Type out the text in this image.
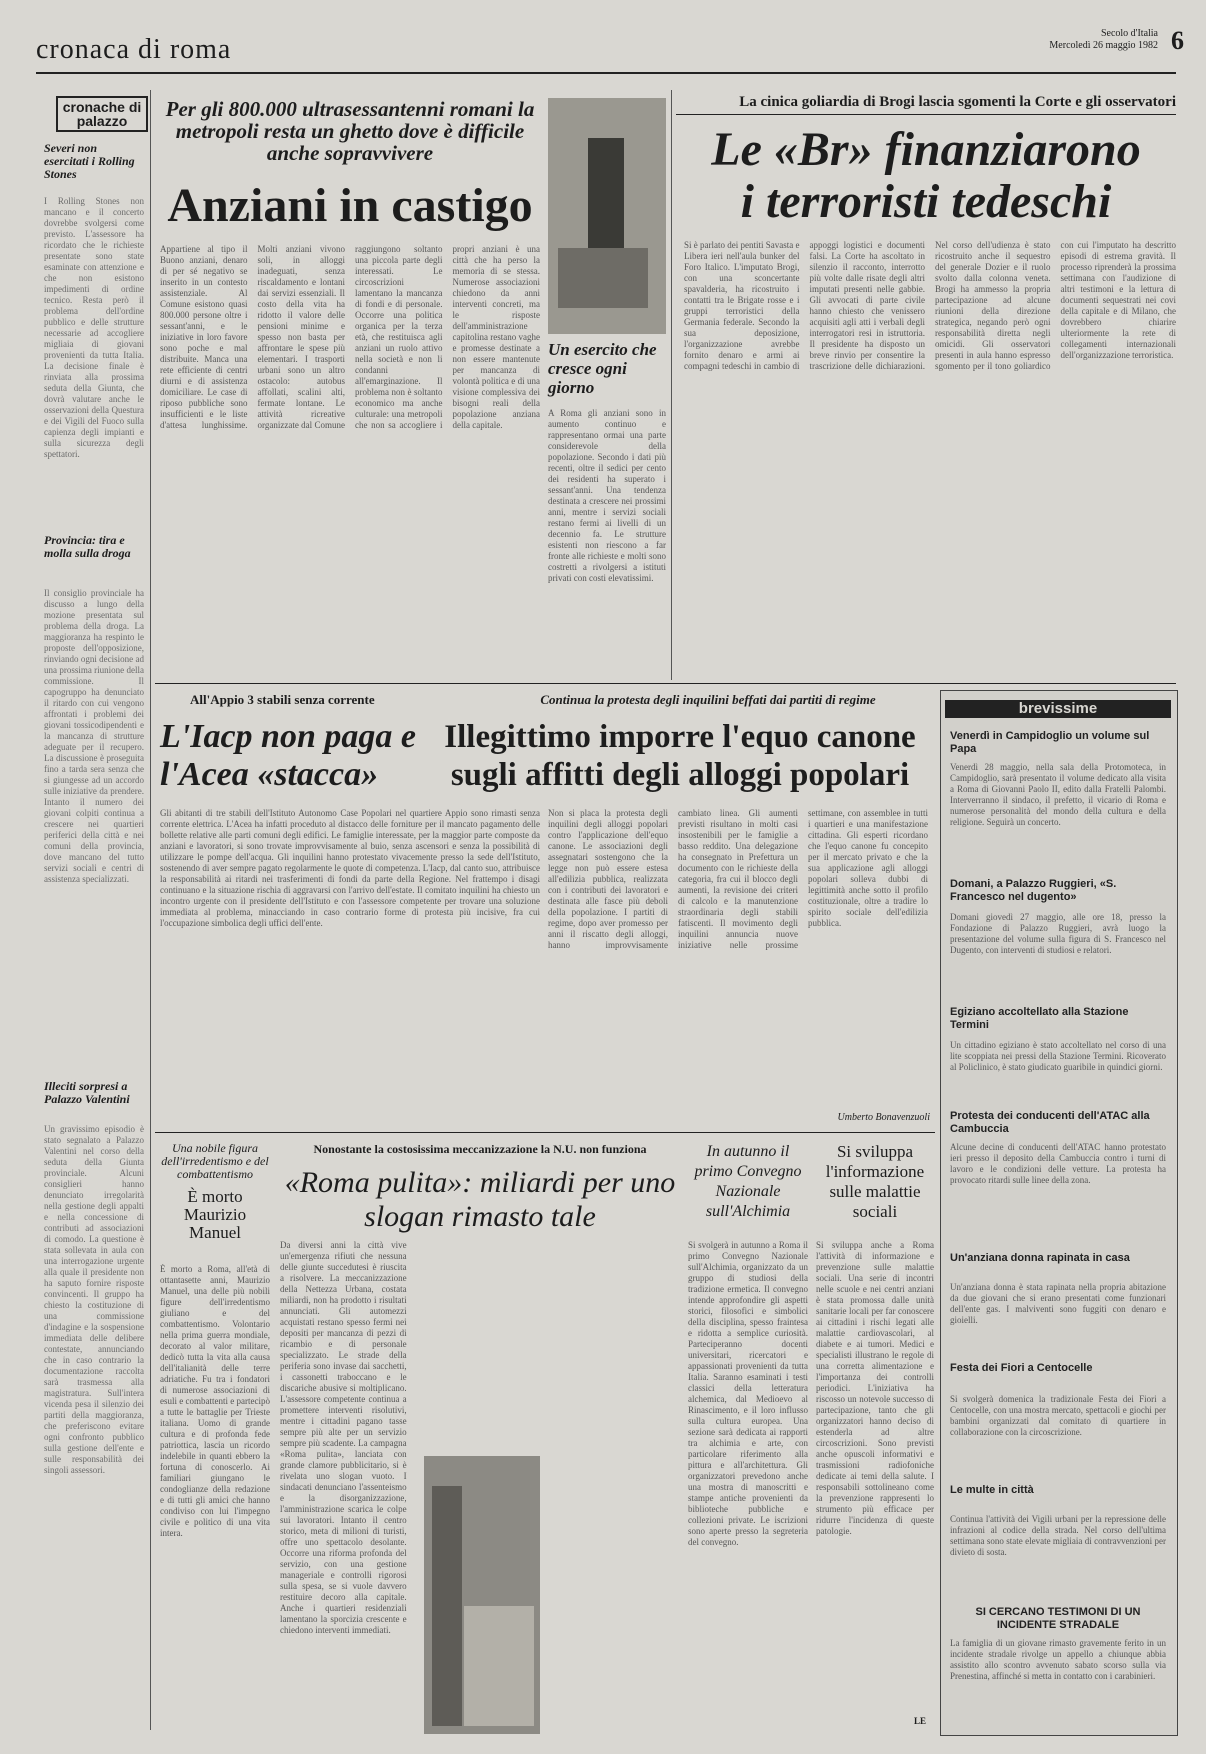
cronaca di roma
Secolo d'Italia
Mercoledì 26 maggio 1982 6
cronache di palazzo
Severi non esercitati i Rolling Stones
I Rolling Stones non mancano e il concerto dovrebbe svolgersi come previsto. L'assessore ha ricordato che le richieste presentate sono state esaminate con attenzione e che non esistono impedimenti di ordine tecnico. Resta però il problema dell'ordine pubblico e delle strutture necessarie ad accogliere migliaia di giovani provenienti da tutta Italia. La decisione finale è rinviata alla prossima seduta della Giunta, che dovrà valutare anche le osservazioni della Questura e dei Vigili del Fuoco sulla capienza degli impianti e sulla sicurezza degli spettatori.
Provincia: tira e molla sulla droga
Il consiglio provinciale ha discusso a lungo della mozione presentata sul problema della droga. La maggioranza ha respinto le proposte dell'opposizione, rinviando ogni decisione ad una prossima riunione della commissione. Il capogruppo ha denunciato il ritardo con cui vengono affrontati i problemi dei giovani tossicodipendenti e la mancanza di strutture adeguate per il recupero. La discussione è proseguita fino a tarda sera senza che si giungesse ad un accordo sulle iniziative da prendere. Intanto il numero dei giovani colpiti continua a crescere nei quartieri periferici della città e nei comuni della provincia, dove mancano del tutto servizi sociali e centri di assistenza specializzati.
Illeciti sorpresi a Palazzo Valentini
Un gravissimo episodio è stato segnalato a Palazzo Valentini nel corso della seduta della Giunta provinciale. Alcuni consiglieri hanno denunciato irregolarità nella gestione degli appalti e nella concessione di contributi ad associazioni di comodo. La questione è stata sollevata in aula con una interrogazione urgente alla quale il presidente non ha saputo fornire risposte convincenti. Il gruppo ha chiesto la costituzione di una commissione d'indagine e la sospensione immediata delle delibere contestate, annunciando che in caso contrario la documentazione raccolta sarà trasmessa alla magistratura. Sull'intera vicenda pesa il silenzio dei partiti della maggioranza, che preferiscono evitare ogni confronto pubblico sulla gestione dell'ente e sulle responsabilità dei singoli assessori.
Per gli 800.000 ultrasessantenni romani la metropoli resta un ghetto dove è difficile anche sopravvivere
Anziani in castigo
Appartiene al tipo il Buono anziani, denaro di per sé negativo se inserito in un contesto assistenziale. Al Comune esistono quasi 800.000 persone oltre i sessant'anni, e le iniziative in loro favore sono poche e mal distribuite. Manca una rete efficiente di centri diurni e di assistenza domiciliare. Le case di riposo pubbliche sono insufficienti e le liste d'attesa lunghissime. Molti anziani vivono soli, in alloggi inadeguati, senza riscaldamento e lontani dai servizi essenziali. Il costo della vita ha ridotto il valore delle pensioni minime e spesso non basta per affrontare le spese più elementari. I trasporti urbani sono un altro ostacolo: autobus affollati, scalini alti, fermate lontane. Le attività ricreative organizzate dal Comune raggiungono soltanto una piccola parte degli interessati. Le circoscrizioni lamentano la mancanza di fondi e di personale. Occorre una politica organica per la terza età, che restituisca agli anziani un ruolo attivo nella società e non li condanni all'emarginazione. Il problema non è soltanto economico ma anche culturale: una metropoli che non sa accogliere i propri anziani è una città che ha perso la memoria di se stessa. Numerose associazioni chiedono da anni interventi concreti, ma le risposte dell'amministrazione capitolina restano vaghe e promesse destinate a non essere mantenute per mancanza di volontà politica e di una visione complessiva dei bisogni reali della popolazione anziana della capitale.
Un esercito che cresce ogni giorno
A Roma gli anziani sono in aumento continuo e rappresentano ormai una parte considerevole della popolazione. Secondo i dati più recenti, oltre il sedici per cento dei residenti ha superato i sessant'anni. Una tendenza destinata a crescere nei prossimi anni, mentre i servizi sociali restano fermi ai livelli di un decennio fa. Le strutture esistenti non riescono a far fronte alle richieste e molti sono costretti a rivolgersi a istituti privati con costi elevatissimi.
La cinica goliardia di Brogi lascia sgomenti la Corte e gli osservatori
Le «Br» finanziarono
i terroristi tedeschi
Si è parlato dei pentiti Savasta e Libera ieri nell'aula bunker del Foro Italico. L'imputato Brogi, con una sconcertante spavalderia, ha ricostruito i contatti tra le Brigate rosse e i gruppi terroristici della Germania federale. Secondo la sua deposizione, l'organizzazione avrebbe fornito denaro e armi ai compagni tedeschi in cambio di appoggi logistici e documenti falsi. La Corte ha ascoltato in silenzio il racconto, interrotto più volte dalle risate degli altri imputati presenti nelle gabbie. Gli avvocati di parte civile hanno chiesto che venissero acquisiti agli atti i verbali degli interrogatori resi in istruttoria. Il presidente ha disposto un breve rinvio per consentire la trascrizione delle dichiarazioni. Nel corso dell'udienza è stato ricostruito anche il sequestro del generale Dozier e il ruolo svolto dalla colonna veneta. Brogi ha ammesso la propria partecipazione ad alcune riunioni della direzione strategica, negando però ogni responsabilità diretta negli omicidi. Gli osservatori presenti in aula hanno espresso sgomento per il tono goliardico con cui l'imputato ha descritto episodi di estrema gravità. Il processo riprenderà la prossima settimana con l'audizione di altri testimoni e la lettura di documenti sequestrati nei covi della capitale e di Milano, che dovrebbero chiarire ulteriormente la rete di collegamenti internazionali dell'organizzazione terroristica.
All'Appio 3 stabili senza corrente
L'Iacp non paga e l'Acea «stacca»
Continua la protesta degli inquilini beffati dai partiti di regime
Illegittimo imporre l'equo canone sugli affitti degli alloggi popolari
Gli abitanti di tre stabili dell'Istituto Autonomo Case Popolari nel quartiere Appio sono rimasti senza corrente elettrica. L'Acea ha infatti proceduto al distacco delle forniture per il mancato pagamento delle bollette relative alle parti comuni degli edifici. Le famiglie interessate, per la maggior parte composte da anziani e lavoratori, si sono trovate improvvisamente al buio, senza ascensori e senza la possibilità di utilizzare le pompe dell'acqua. Gli inquilini hanno protestato vivacemente presso la sede dell'Istituto, sostenendo di aver sempre pagato regolarmente le quote di competenza. L'Iacp, dal canto suo, attribuisce la responsabilità ai ritardi nei trasferimenti di fondi da parte della Regione. Nel frattempo i disagi continuano e la situazione rischia di aggravarsi con l'arrivo dell'estate. Il comitato inquilini ha chiesto un incontro urgente con il presidente dell'Istituto e con l'assessore competente per trovare una soluzione immediata al problema, minacciando in caso contrario forme di protesta più incisive, fra cui l'occupazione simbolica degli uffici dell'ente.
Non si placa la protesta degli inquilini degli alloggi popolari contro l'applicazione dell'equo canone. Le associazioni degli assegnatari sostengono che la legge non può essere estesa all'edilizia pubblica, realizzata con i contributi dei lavoratori e destinata alle fasce più deboli della popolazione. I partiti di regime, dopo aver promesso per anni il riscatto degli alloggi, hanno improvvisamente cambiato linea. Gli aumenti previsti risultano in molti casi insostenibili per le famiglie a basso reddito. Una delegazione ha consegnato in Prefettura un documento con le richieste della categoria, fra cui il blocco degli aumenti, la revisione dei criteri di calcolo e la manutenzione straordinaria degli stabili fatiscenti. Il movimento degli inquilini annuncia nuove iniziative nelle prossime settimane, con assemblee in tutti i quartieri e una manifestazione cittadina. Gli esperti ricordano che l'equo canone fu concepito per il mercato privato e che la sua applicazione agli alloggi popolari solleva dubbi di legittimità anche sotto il profilo costituzionale, oltre a tradire lo spirito sociale dell'edilizia pubblica.
Umberto Bonavenzuoli
brevissime
Venerdì in Campidoglio un volume sul Papa
Venerdì 28 maggio, nella sala della Protomoteca, in Campidoglio, sarà presentato il volume dedicato alla visita a Roma di Giovanni Paolo II, edito dalla Fratelli Palombi. Interverranno il sindaco, il prefetto, il vicario di Roma e numerose personalità del mondo della cultura e della religione. Seguirà un concerto.
Domani, a Palazzo Ruggieri, «S. Francesco nel dugento»
Domani giovedì 27 maggio, alle ore 18, presso la Fondazione di Palazzo Ruggieri, avrà luogo la presentazione del volume sulla figura di S. Francesco nel Dugento, con interventi di studiosi e relatori.
Egiziano accoltellato alla Stazione Termini
Un cittadino egiziano è stato accoltellato nel corso di una lite scoppiata nei pressi della Stazione Termini. Ricoverato al Policlinico, è stato giudicato guaribile in quindici giorni.
Protesta dei conducenti dell'ATAC alla Cambuccia
Alcune decine di conducenti dell'ATAC hanno protestato ieri presso il deposito della Cambuccia contro i turni di lavoro e le condizioni delle vetture. La protesta ha provocato ritardi sulle linee della zona.
Un'anziana donna rapinata in casa
Un'anziana donna è stata rapinata nella propria abitazione da due giovani che si erano presentati come funzionari dell'ente gas. I malviventi sono fuggiti con denaro e gioielli.
Festa dei Fiori a Centocelle
Si svolgerà domenica la tradizionale Festa dei Fiori a Centocelle, con una mostra mercato, spettacoli e giochi per bambini organizzati dal comitato di quartiere in collaborazione con la circoscrizione.
Le multe in città
Continua l'attività dei Vigili urbani per la repressione delle infrazioni al codice della strada. Nel corso dell'ultima settimana sono state elevate migliaia di contravvenzioni per divieto di sosta.
SI CERCANO TESTIMONI DI UN INCIDENTE STRADALE
La famiglia di un giovane rimasto gravemente ferito in un incidente stradale rivolge un appello a chiunque abbia assistito allo scontro avvenuto sabato scorso sulla via Prenestina, affinché si metta in contatto con i carabinieri.
Una nobile figura dell'irredentismo e del combattentismo
È morto Maurizio Manuel
È morto a Roma, all'età di ottantasette anni, Maurizio Manuel, una delle più nobili figure dell'irredentismo giuliano e del combattentismo. Volontario nella prima guerra mondiale, decorato al valor militare, dedicò tutta la vita alla causa dell'italianità delle terre adriatiche. Fu tra i fondatori di numerose associazioni di esuli e combattenti e partecipò a tutte le battaglie per Trieste italiana. Uomo di grande cultura e di profonda fede patriottica, lascia un ricordo indelebile in quanti ebbero la fortuna di conoscerlo. Ai familiari giungano le condoglianze della redazione e di tutti gli amici che hanno condiviso con lui l'impegno civile e politico di una vita intera.
Nonostante la costosissima meccanizzazione la N.U. non funziona
«Roma pulita»: miliardi per uno slogan rimasto tale
Da diversi anni la città vive un'emergenza rifiuti che nessuna delle giunte succedutesi è riuscita a risolvere. La meccanizzazione della Nettezza Urbana, costata miliardi, non ha prodotto i risultati annunciati. Gli automezzi acquistati restano spesso fermi nei depositi per mancanza di pezzi di ricambio e di personale specializzato. Le strade della periferia sono invase dai sacchetti, i cassonetti traboccano e le discariche abusive si moltiplicano. L'assessore competente continua a promettere interventi risolutivi, mentre i cittadini pagano tasse sempre più alte per un servizio sempre più scadente. La campagna «Roma pulita», lanciata con grande clamore pubblicitario, si è rivelata uno slogan vuoto. I sindacati denunciano l'assenteismo e la disorganizzazione, l'amministrazione scarica le colpe sui lavoratori. Intanto il centro storico, meta di milioni di turisti, offre uno spettacolo desolante. Occorre una riforma profonda del servizio, con una gestione manageriale e controlli rigorosi sulla spesa, se si vuole davvero restituire decoro alla capitale. Anche i quartieri residenziali lamentano la sporcizia crescente e chiedono interventi immediati.
In autunno il primo Convegno Nazionale sull'Alchimia
Si svolgerà in autunno a Roma il primo Convegno Nazionale sull'Alchimia, organizzato da un gruppo di studiosi della tradizione ermetica. Il convegno intende approfondire gli aspetti storici, filosofici e simbolici della disciplina, spesso fraintesa e ridotta a semplice curiosità. Parteciperanno docenti universitari, ricercatori e appassionati provenienti da tutta Italia. Saranno esaminati i testi classici della letteratura alchemica, dal Medioevo al Rinascimento, e il loro influsso sulla cultura europea. Una sezione sarà dedicata ai rapporti tra alchimia e arte, con particolare riferimento alla pittura e all'architettura. Gli organizzatori prevedono anche una mostra di manoscritti e stampe antiche provenienti da biblioteche pubbliche e collezioni private. Le iscrizioni sono aperte presso la segreteria del convegno.
Si sviluppa l'informazione sulle malattie sociali
Si sviluppa anche a Roma l'attività di informazione e prevenzione sulle malattie sociali. Una serie di incontri nelle scuole e nei centri anziani è stata promossa dalle unità sanitarie locali per far conoscere ai cittadini i rischi legati alle malattie cardiovascolari, al diabete e ai tumori. Medici e specialisti illustrano le regole di una corretta alimentazione e l'importanza dei controlli periodici. L'iniziativa ha riscosso un notevole successo di partecipazione, tanto che gli organizzatori hanno deciso di estenderla ad altre circoscrizioni. Sono previsti anche opuscoli informativi e trasmissioni radiofoniche dedicate ai temi della salute. I responsabili sottolineano come la prevenzione rappresenti lo strumento più efficace per ridurre l'incidenza di queste patologie.
LE
